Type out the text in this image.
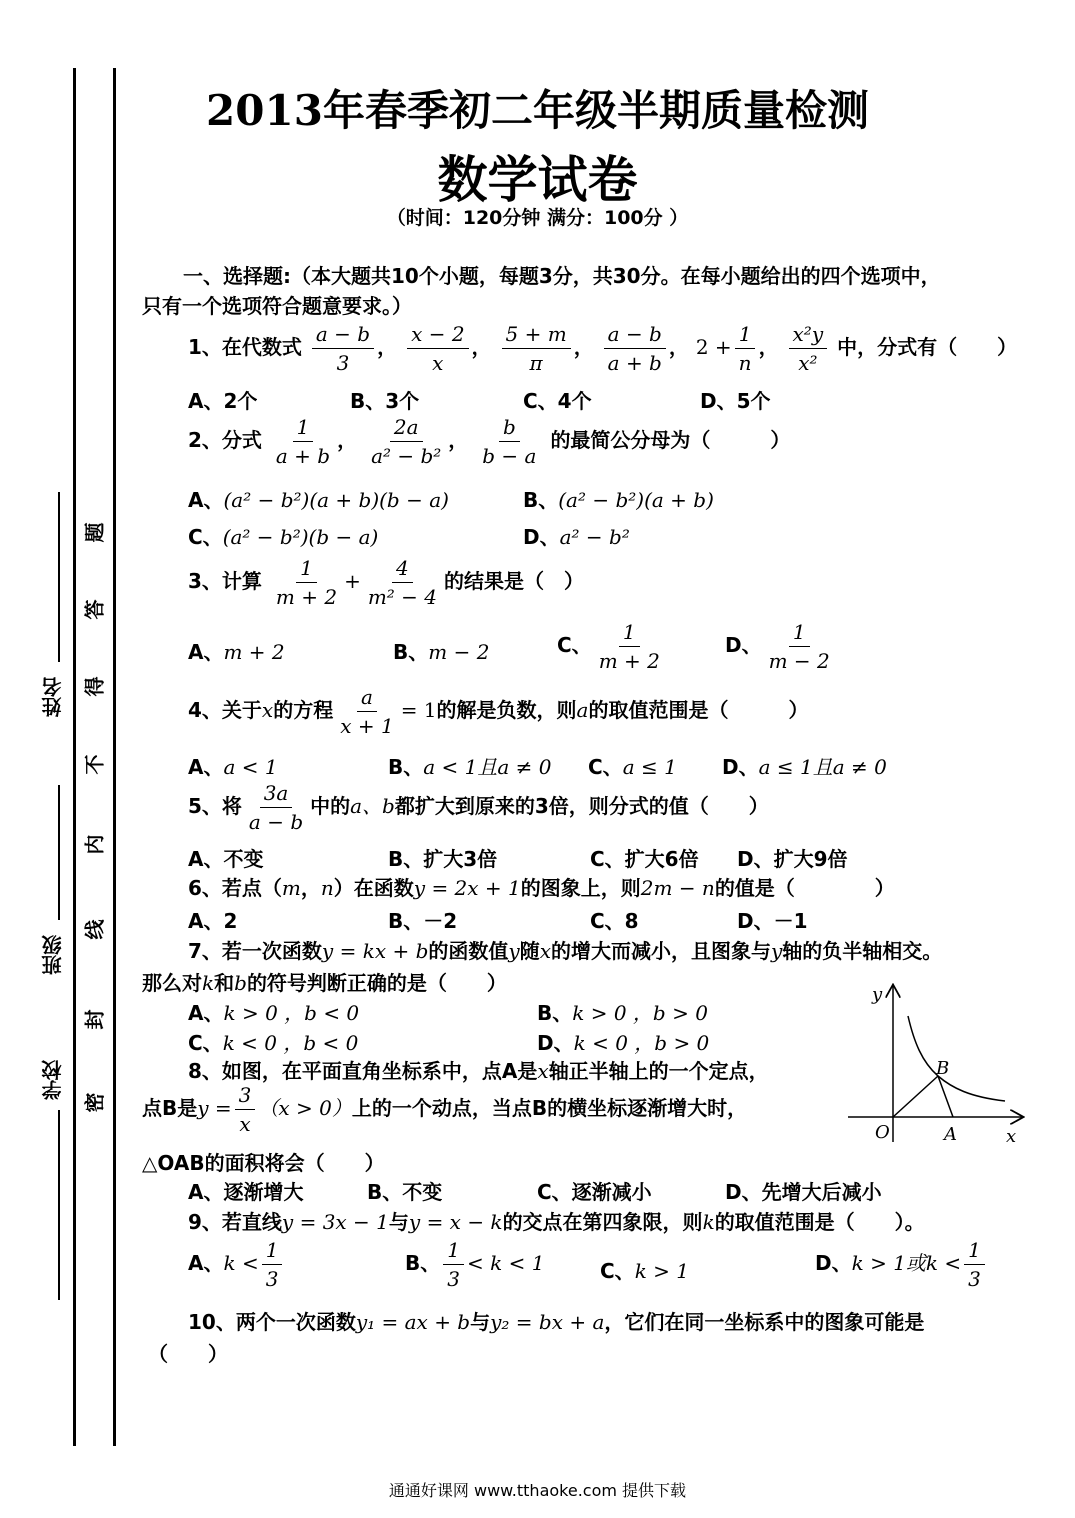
姓名
班级
学校
题
答
得
不
内
线
封
密
2013年春季初二年级半期质量检测
数学试卷
（时间：120分钟 满分：100分 ）
一、选择题:（本大题共10个小题，每题3分，共30分。在每小题给出的四个选项中，
只有一个选项符合题意要求。）
1、在代数式 $\frac{a - b}{3}$ ， $\frac{x - 2}{x}$ ， $\frac{5 + m}{\pi}$ ， $\frac{a - b}{a + b}$ ， $2 + \frac{1}{n}$ ， $\frac{\text{x²y}}{\text{x²}}$ 中，分式有（　　）
A、2个	B、3个	C、4个	D、5个
2、分式 $\frac{1}{a + b}$ ， $\frac{2a}{\text{a² − b²}}$ ， $\frac{b}{b - a}$ 的最简公分母为（　　　）
A、(a² − b²)(a + b)(b − a)	B、(a² − b²)(a + b)
C、(a² − b²)(b − a)	D、a² − b²
3、计算 $\frac{1}{m + 2} + \frac{4}{\text{m² − 4}}$ 的结果是（　）
A、m + 2	B、m − 2	C、 $\frac{1}{m + 2}$	D、 $\frac{1}{m - 2}$
4、关于x的方程 $\frac{a}{x + 1} = 1$的解是负数，则a的取值范围是（　　　）
A、a < 1	B、a < 1且a ≠ 0 C、a ≤ 1 D、a ≤ 1且a ≠ 0
5、将 $\frac{3a}{a - b}$ 中的a、b都扩大到原来的3倍，则分式的值（　　）
A、不变	B、扩大3倍	C、扩大6倍 D、扩大9倍
6、若点（m，n）在函数y = 2x + 1的图象上，则2m − n的值是（　　　　）
A、2	B、－2	C、8	D、－1
7、若一次函数y = kx + b的函数值y随x的增大而减小，且图象与y轴的负半轴相交。
那么对k和b的符号判断正确的是（　　）
A、k > 0 ，b < 0	B、k > 0 ，b > 0
C、k < 0 ，b < 0	D、k < 0 ，b > 0
y
x
O	A
B
8、如图，在平面直角坐标系中，点A是x轴正半轴上的一个定点，
点B是$y = \frac{3}{x} (x > 0)$上的一个动点，当点B的横坐标逐渐增大时，
△OAB的面积将会（　　）
A、逐渐增大	B、不变	C、逐渐减小	D、先增大后减小
9、若直线y = 3x − 1与y = x − k的交点在第四象限，则k的取值范围是（　　）。
A、$k < \frac{1}{3}$	B、 $\frac{1}{3} < k < 1$	C、k > 1	D、k > 1或$k < \frac{1}{3}$
10、两个一次函数y₁ = ax + b与y₂ = bx + a，它们在同一坐标系中的图象可能是
（　　）
通通好课网 www.tthaoke.com 提供下载
